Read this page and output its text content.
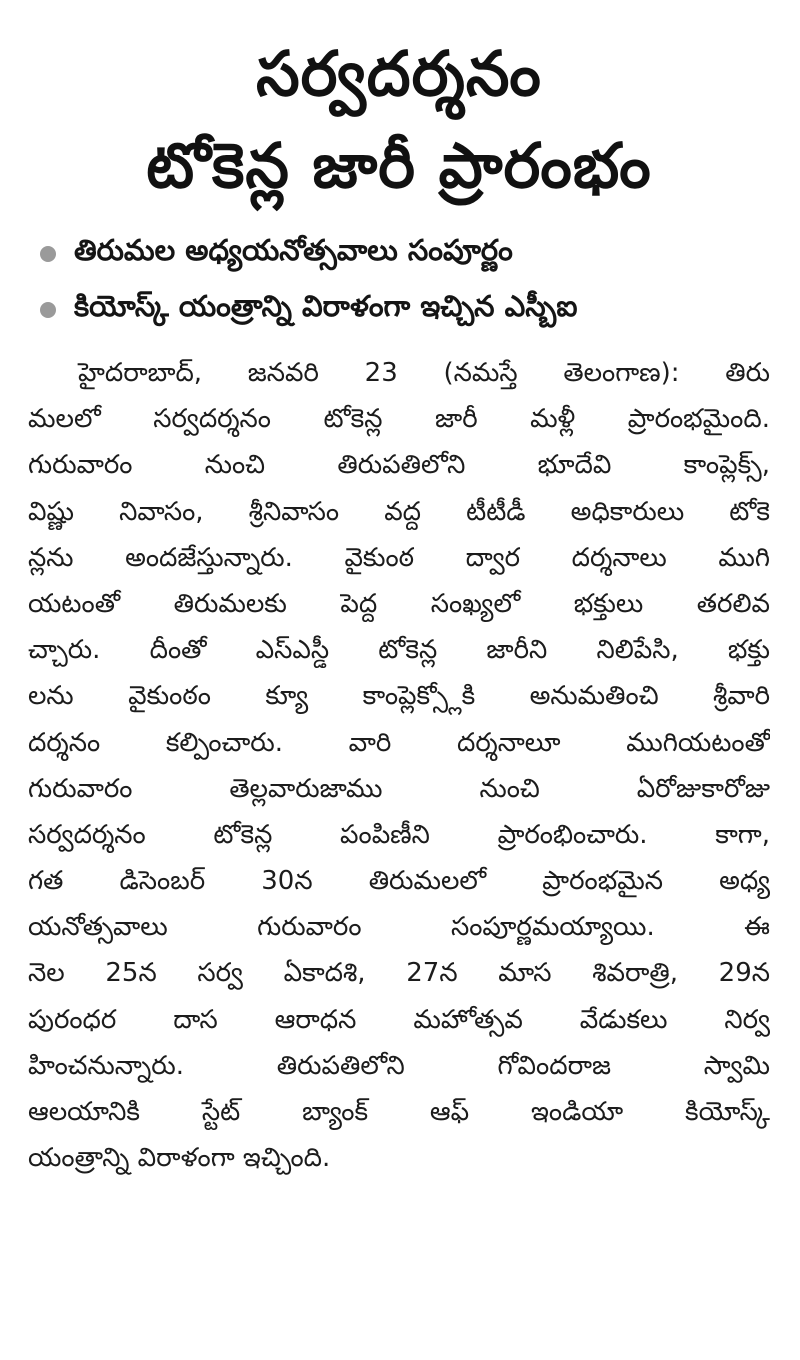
సర్వదర్శనం
టోకెన్ల జారీ ప్రారంభం
తిరుమల అధ్యయనోత్సవాలు సంపూర్ణం
కియోస్క్ యంత్రాన్ని విరాళంగా ఇచ్చిన ఎస్బీఐ
హైదరాబాద్, జనవరి 23 (నమస్తే తెలంగాణ): తిరు
మలలో సర్వదర్శనం టోకెన్ల జారీ మళ్లీ ప్రారంభమైంది.
గురువారం నుంచి తిరుపతిలోని భూదేవి కాంప్లెక్స్,
విష్ణు నివాసం, శ్రీనివాసం వద్ద టీటీడీ అధికారులు టోకె
న్లను అందజేస్తున్నారు. వైకుంఠ ద్వార దర్శనాలు ముగి
యటంతో తిరుమలకు పెద్ద సంఖ్యలో భక్తులు తరలివ
చ్చారు. దీంతో ఎస్ఎస్డీ టోకెన్ల జారీని నిలిపేసి, భక్తు
లను వైకుంఠం క్యూ కాంప్లెక్స్లోకి అనుమతించి శ్రీవారి
దర్శనం కల్పించారు. వారి దర్శనాలూ ముగియటంతో
గురువారం తెల్లవారుజాము నుంచి ఏరోజుకారోజు
సర్వదర్శనం టోకెన్ల పంపిణీని ప్రారంభించారు. కాగా,
గత డిసెంబర్ 30న తిరుమలలో ప్రారంభమైన అధ్య
యనోత్సవాలు గురువారం సంపూర్ణమయ్యాయి. ఈ
నెల 25న సర్వ ఏకాదశి, 27న మాస శివరాత్రి, 29న
పురంధర దాస ఆరాధన మహోత్సవ వేడుకలు నిర్వ
హించనున్నారు. తిరుపతిలోని గోవిందరాజ స్వామి
ఆలయానికి స్టేట్ బ్యాంక్ ఆఫ్ ఇండియా కియోస్క్
యంత్రాన్ని విరాళంగా ఇచ్చింది.
